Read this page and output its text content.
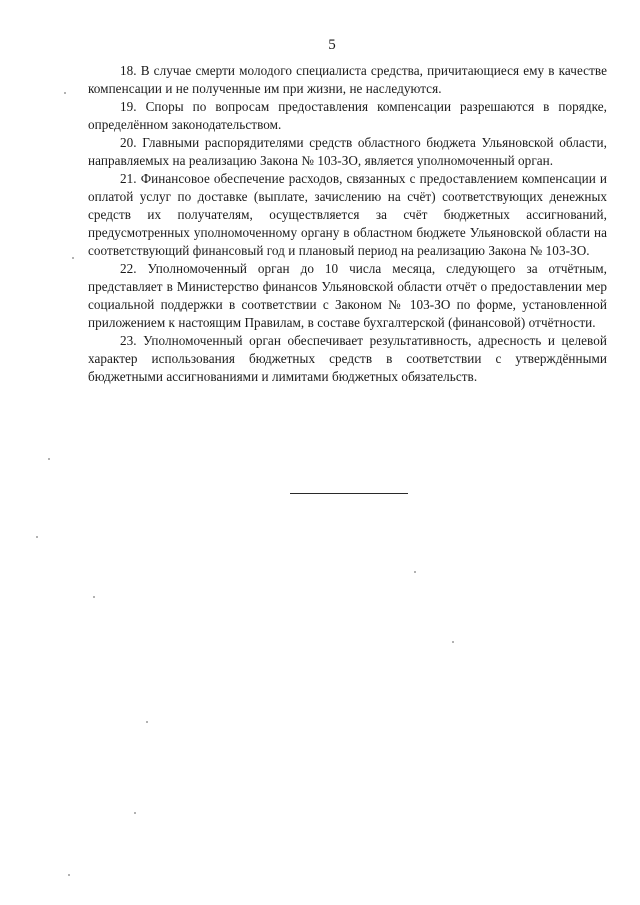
5

18. В случае смерти молодого специалиста средства, причитающиеся ему в качестве компенсации и не полученные им при жизни, не наследуются.

19. Споры по вопросам предоставления компенсации разрешаются в порядке, определённом законодательством.

20. Главными распорядителями средств областного бюджета Ульяновской области, направляемых на реализацию Закона № 103-ЗО, является уполномоченный орган.

21. Финансовое обеспечение расходов, связанных с предоставлением компенсации и оплатой услуг по доставке (выплате, зачислению на счёт) соответствующих денежных средств их получателям, осуществляется за счёт бюджетных ассигнований, предусмотренных уполномоченному органу в областном бюджете Ульяновской области на соответствующий финансовый год и плановый период на реализацию Закона № 103-ЗО.

22. Уполномоченный орган до 10 числа месяца, следующего за отчётным, представляет в Министерство финансов Ульяновской области отчёт о предоставлении мер социальной поддержки в соответствии с Законом № 103-ЗО по форме, установленной приложением к настоящим Правилам, в составе бухгалтерской (финансовой) отчётности.

23. Уполномоченный орган обеспечивает результативность, адресность и целевой характер использования бюджетных средств в соответствии с утверждёнными бюджетными ассигнованиями и лимитами бюджетных обязательств.
